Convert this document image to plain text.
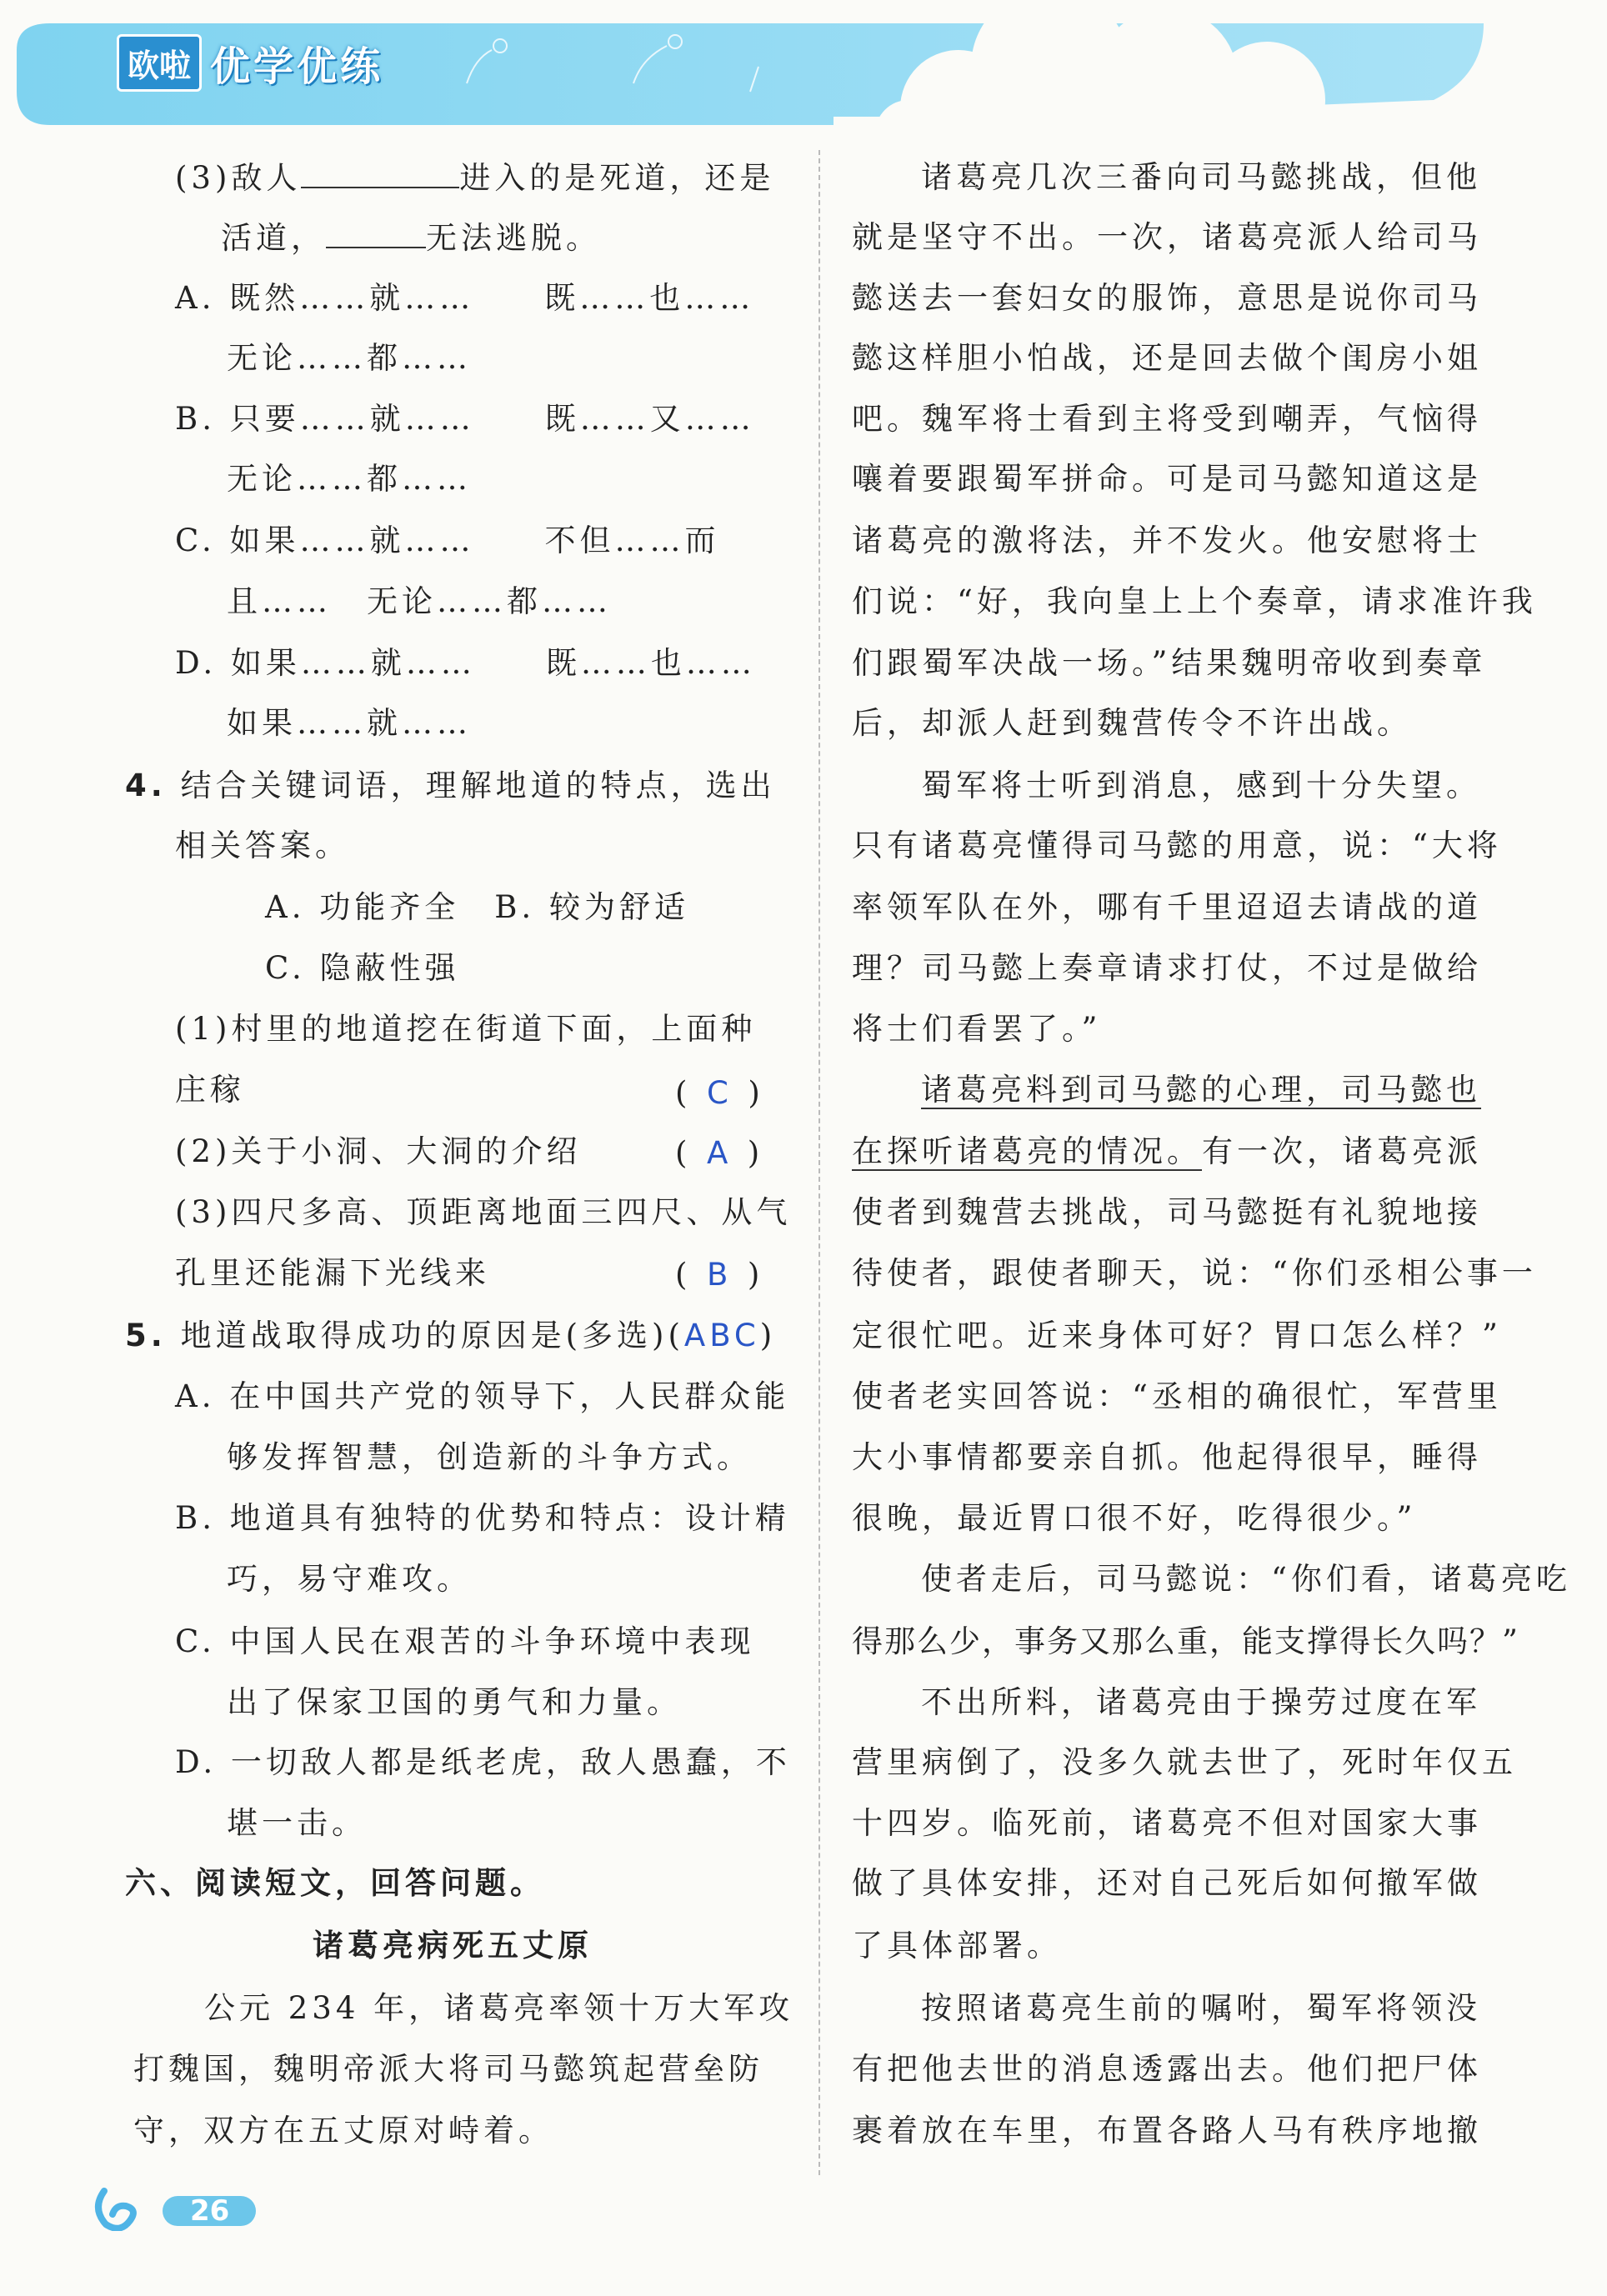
欧啦 优学优练
(3)敌人	进入的是死道，还是
活道，	无法逃脱。
A. 既然……就……　　既……也……
无论……都……
B. 只要……就……　　既……又……
无论……都……
C. 如果……就……　　不但……而
且……　无论……都……
D. 如果……就……　　既……也……
如果……就……
4. 结合关键词语，理解地道的特点，选出
相关答案。
A. 功能齐全　B. 较为舒适
C. 隐蔽性强
(1)村里的地道挖在街道下面，上面种
庄稼	(  C  )
(2)关于小洞、大洞的介绍	(  A  )
(3)四尺多高、顶距离地面三四尺、从气
孔里还能漏下光线来	(  B  )
5. 地道战取得成功的原因是(多选)(ABC)
A. 在中国共产党的领导下，人民群众能
够发挥智慧，创造新的斗争方式。
B. 地道具有独特的优势和特点：设计精
巧，易守难攻。
C. 中国人民在艰苦的斗争环境中表现
出了保家卫国的勇气和力量。
D. 一切敌人都是纸老虎，敌人愚蠢，不
堪一击。
六、阅读短文，回答问题。
诸葛亮病死五丈原
公元 234 年，诸葛亮率领十万大军攻
打魏国，魏明帝派大将司马懿筑起营垒防
守，双方在五丈原对峙着。
诸葛亮几次三番向司马懿挑战，但他
就是坚守不出。一次，诸葛亮派人给司马
懿送去一套妇女的服饰，意思是说你司马
懿这样胆小怕战，还是回去做个闺房小姐
吧。魏军将士看到主将受到嘲弄，气恼得
嚷着要跟蜀军拼命。可是司马懿知道这是
诸葛亮的激将法，并不发火。他安慰将士
们说：“好，我向皇上上个奏章，请求准许我
们跟蜀军决战一场。”结果魏明帝收到奏章
后，却派人赶到魏营传令不许出战。
蜀军将士听到消息，感到十分失望。
只有诸葛亮懂得司马懿的用意，说：“大将
率领军队在外，哪有千里迢迢去请战的道
理？司马懿上奏章请求打仗，不过是做给
将士们看罢了。”
诸葛亮料到司马懿的心理，司马懿也
在探听诸葛亮的情况。有一次，诸葛亮派
使者到魏营去挑战，司马懿挺有礼貌地接
待使者，跟使者聊天，说：“你们丞相公事一
定很忙吧。近来身体可好？胃口怎么样？”
使者老实回答说：“丞相的确很忙，军营里
大小事情都要亲自抓。他起得很早，睡得
很晚，最近胃口很不好，吃得很少。”
使者走后，司马懿说：“你们看，诸葛亮吃
得那么少，事务又那么重，能支撑得长久吗？”
不出所料，诸葛亮由于操劳过度在军
营里病倒了，没多久就去世了，死时年仅五
十四岁。临死前，诸葛亮不但对国家大事
做了具体安排，还对自己死后如何撤军做
了具体部署。
按照诸葛亮生前的嘱咐，蜀军将领没
有把他去世的消息透露出去。他们把尸体
裹着放在车里，布置各路人马有秩序地撤
26
